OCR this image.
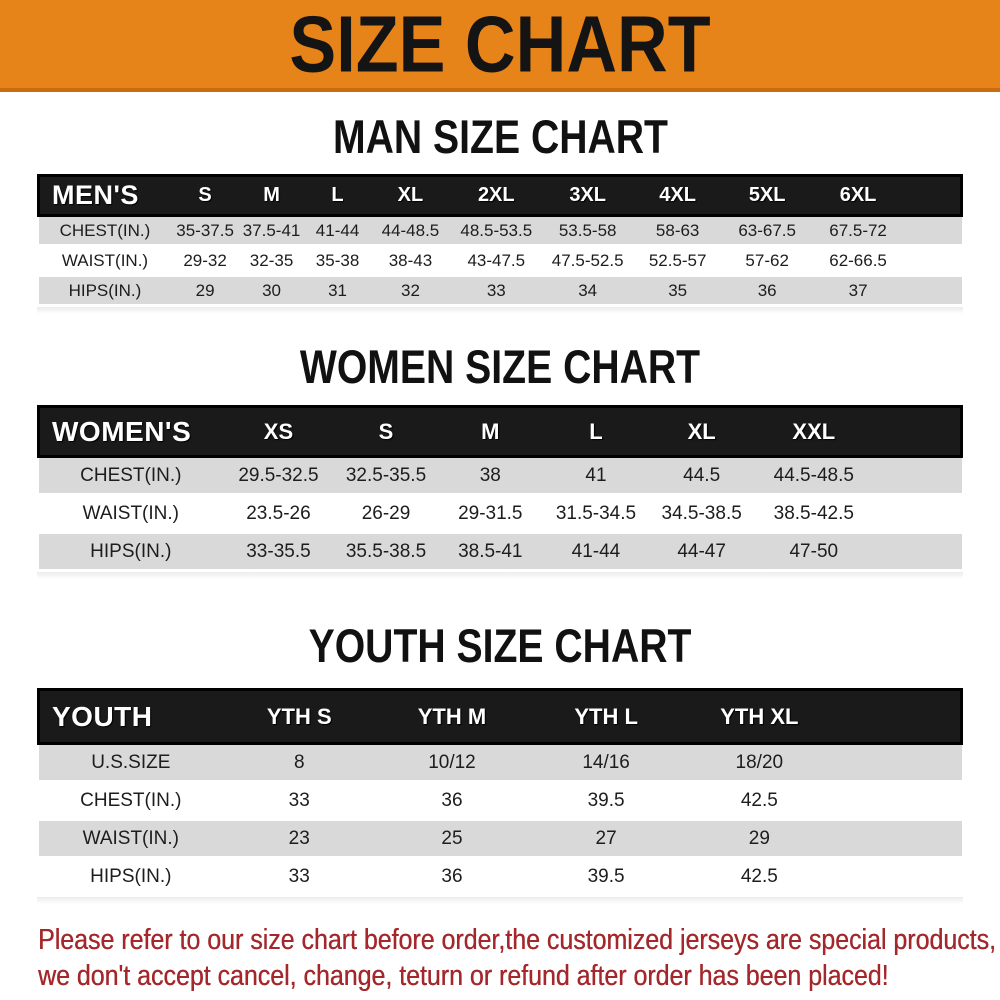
SIZE CHART
MAN SIZE CHART
MEN'S	S	M	L	XL	2XL	3XL	4XL	5XL	6XL	
CHEST(IN.)	35-37.5	37.5-41	41-44	44-48.5	48.5-53.5	53.5-58	58-63	63-67.5	67.5-72	
WAIST(IN.)	29-32	32-35	35-38	38-43	43-47.5	47.5-52.5	52.5-57	57-62	62-66.5	
HIPS(IN.)	29	30	31	32	33	34	35	36	37	
WOMEN SIZE CHART
WOMEN'S	XS	S	M	L	XL	XXL	
CHEST(IN.)	29.5-32.5	32.5-35.5	38	41	44.5	44.5-48.5	
WAIST(IN.)	23.5-26	26-29	29-31.5	31.5-34.5	34.5-38.5	38.5-42.5	
HIPS(IN.)	33-35.5	35.5-38.5	38.5-41	41-44	44-47	47-50	
YOUTH SIZE CHART
YOUTH	YTH S	YTH M	YTH L	YTH XL	
U.S.SIZE	8	10/12	14/16	18/20	
CHEST(IN.)	33	36	39.5	42.5	
WAIST(IN.)	23	25	27	29	
HIPS(IN.)	33	36	39.5	42.5	

Please refer to our size chart before order,the customized jerseys are special products,

we don't accept cancel, change, teturn or refund after order has been placed!
